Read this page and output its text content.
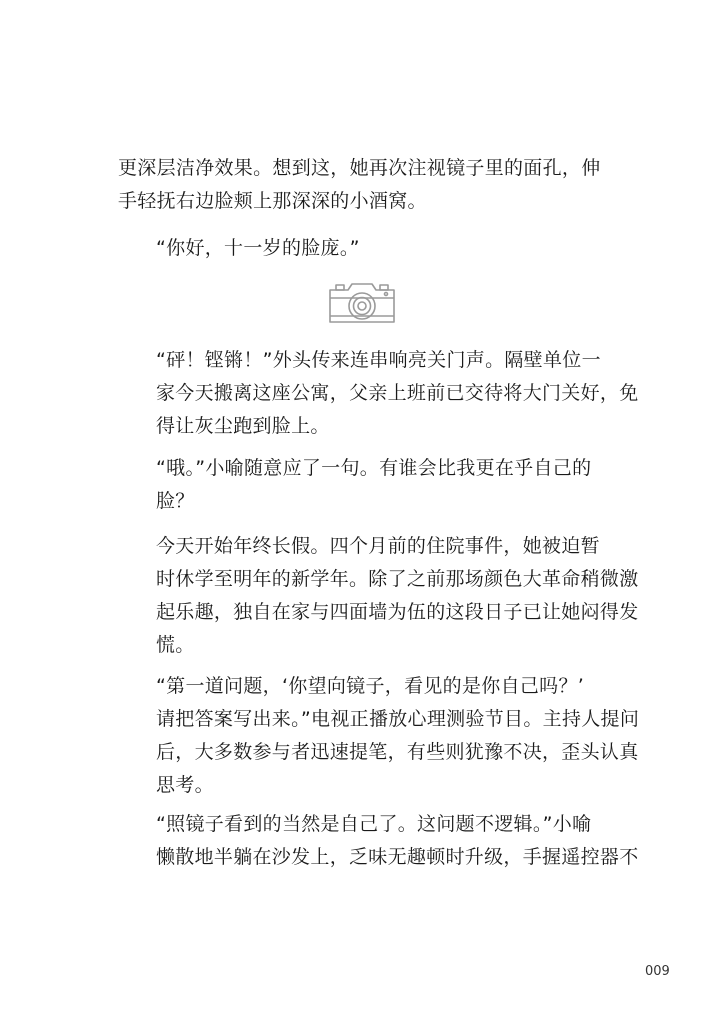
更深层洁净效果。想到这，她再次注视镜子里的面孔，伸
手轻抚右边脸颊上那深深的小酒窝。
“你好，十一岁的脸庞。”
“砰！铿锵！”外头传来连串响亮关门声。隔壁单位一
家今天搬离这座公寓，父亲上班前已交待将大门关好，免
得让灰尘跑到脸上。
“哦。”小喻随意应了一句。有谁会比我更在乎自己的
脸？
今天开始年终长假。四个月前的住院事件，她被迫暂
时休学至明年的新学年。除了之前那场颜色大革命稍微激
起乐趣，独自在家与四面墙为伍的这段日子已让她闷得发
慌。
“第一道问题，‘你望向镜子，看见的是你自己吗？’
请把答案写出来。”电视正播放心理测验节目。主持人提问
后，大多数参与者迅速提笔，有些则犹豫不决，歪头认真
思考。
“照镜子看到的当然是自己了。这问题不逻辑。”小喻
懒散地半躺在沙发上，乏味无趣顿时升级，手握遥控器不
009
